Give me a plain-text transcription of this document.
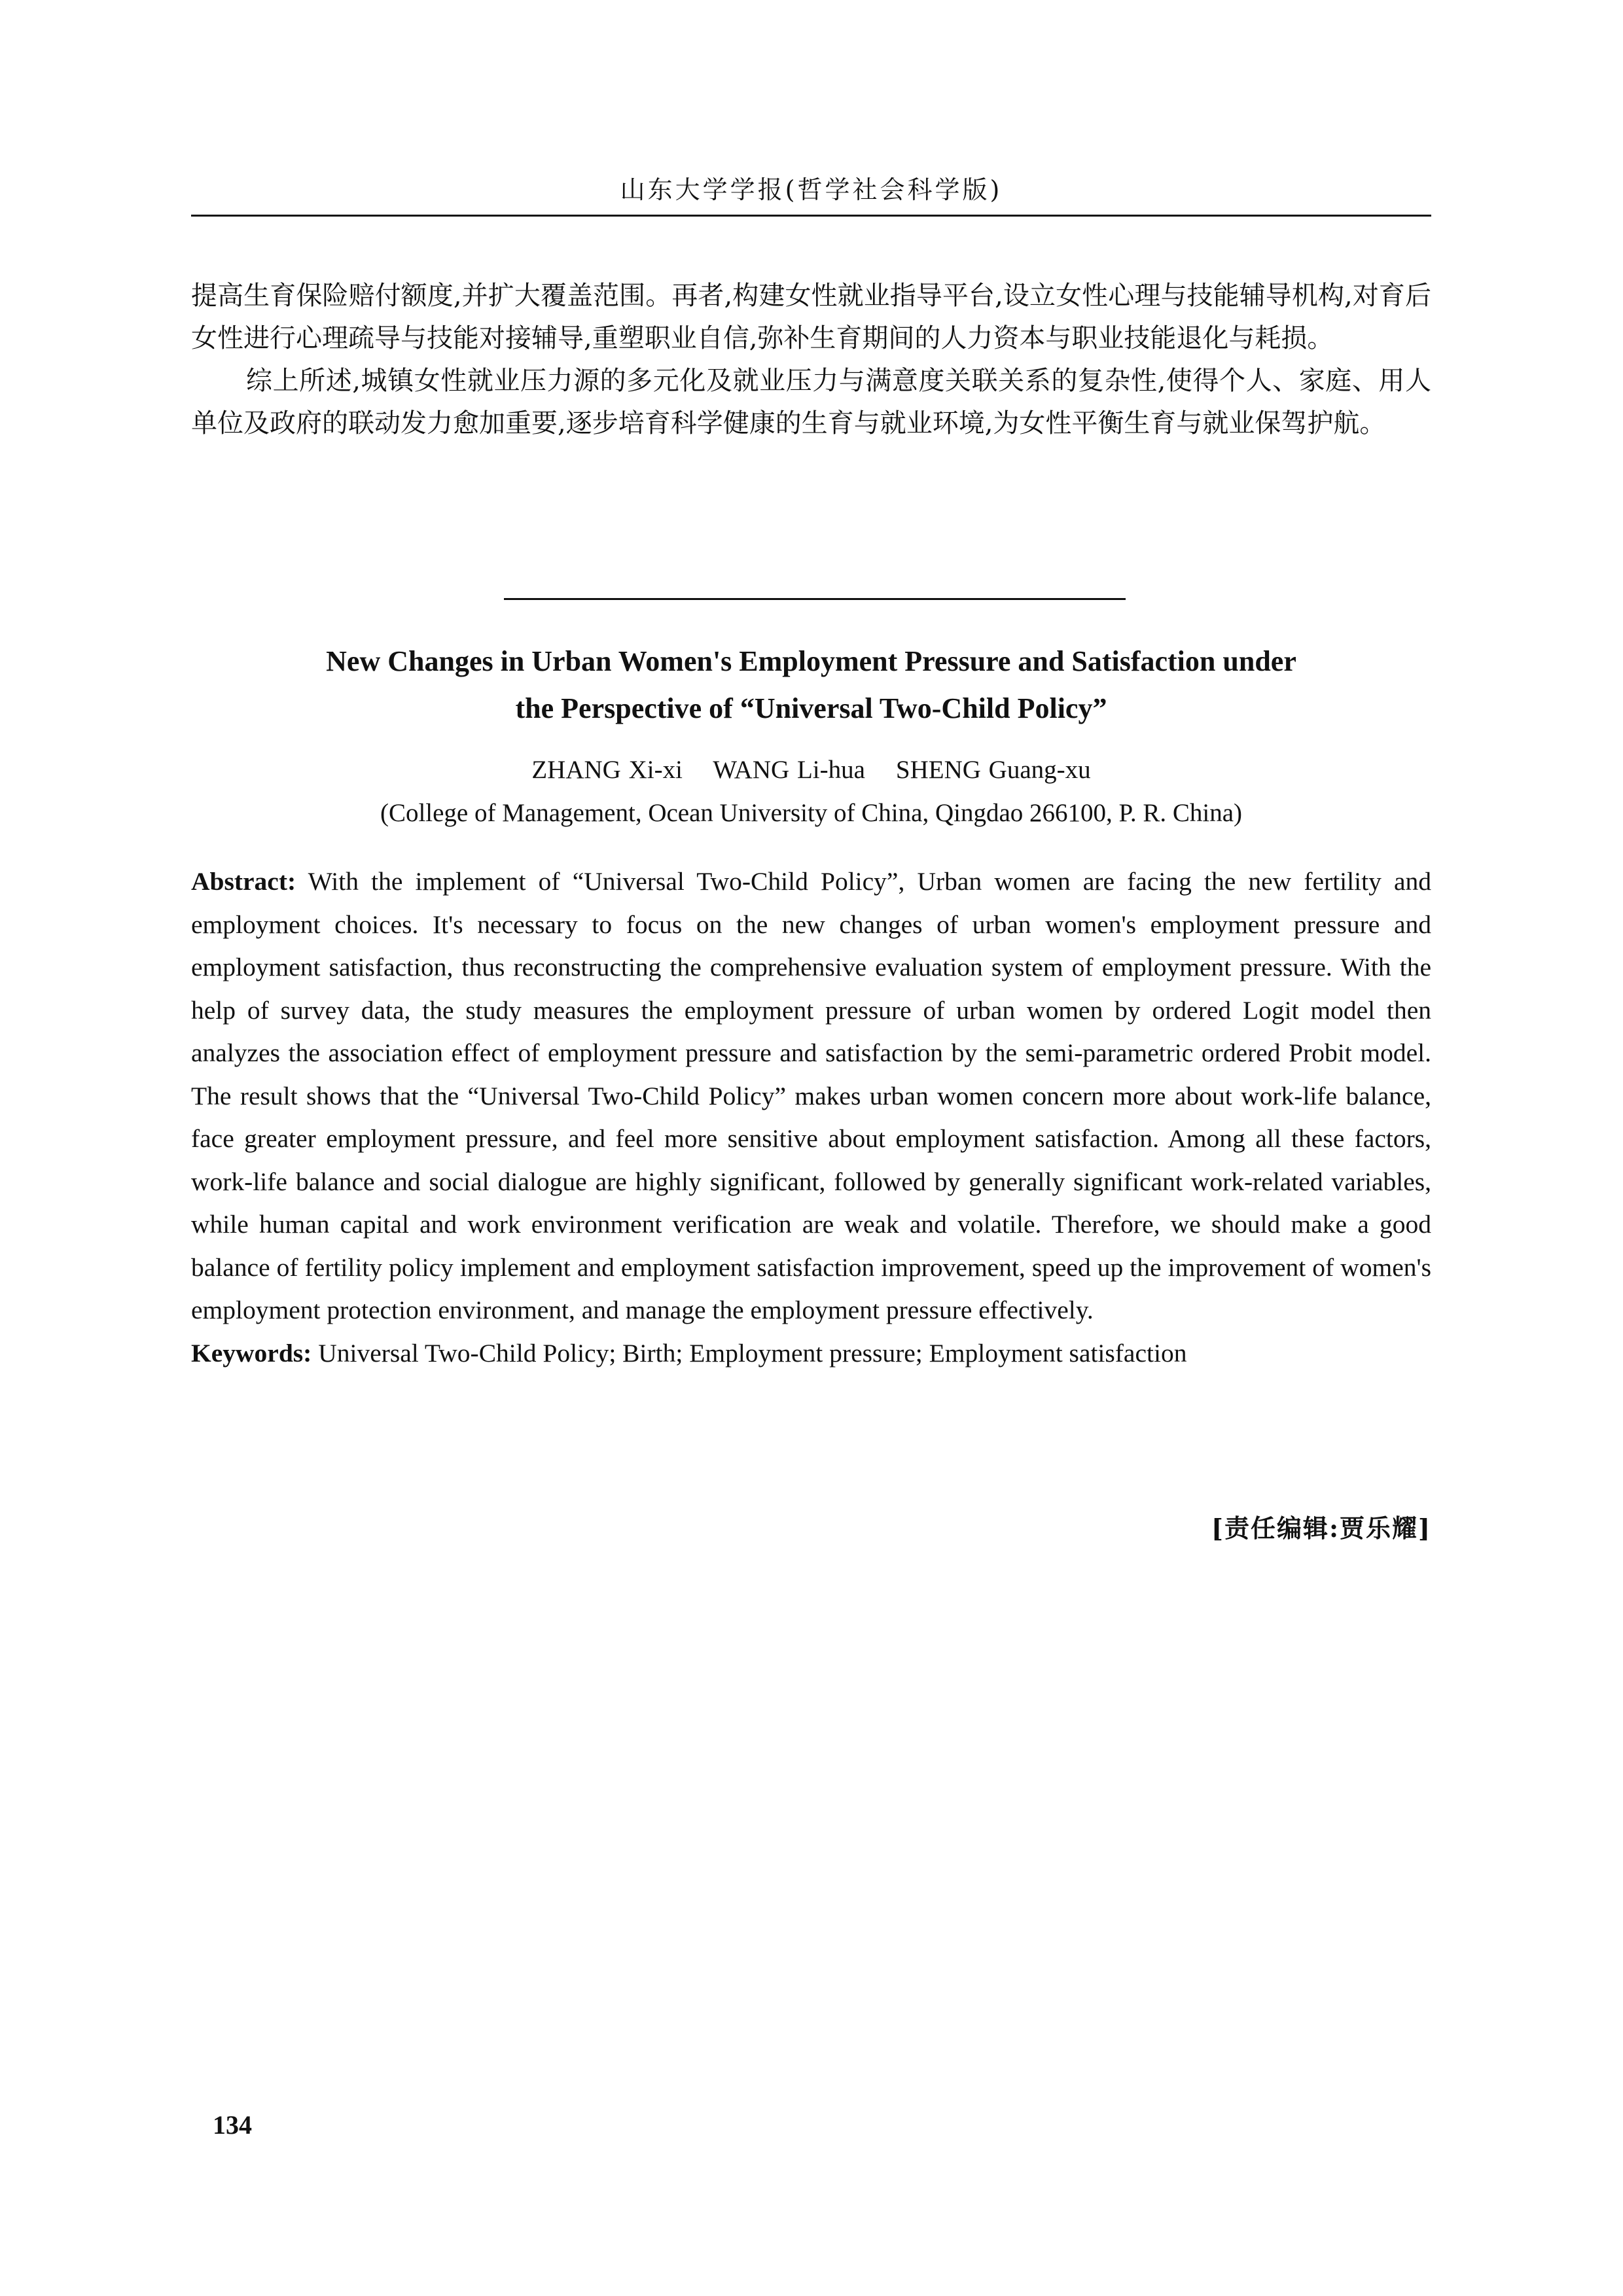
山东大学学报(哲学社会科学版)

提高生育保险赔付额度,并扩大覆盖范围。再者,构建女性就业指导平台,设立女性心理与技能辅导机构,对育后女性进行心理疏导与技能对接辅导,重塑职业自信,弥补生育期间的人力资本与职业技能退化与耗损。

综上所述,城镇女性就业压力源的多元化及就业压力与满意度关联关系的复杂性,使得个人、家庭、用人单位及政府的联动发力愈加重要,逐步培育科学健康的生育与就业环境,为女性平衡生育与就业保驾护航。

New Changes in Urban Women's Employment Pressure and Satisfaction under
the Perspective of “Universal Two-Child Policy”
ZHANG Xi-xi    WANG Li-hua    SHENG Guang-xu
(College of Management, Ocean University of China, Qingdao 266100, P. R. China)

Abstract: With the implement of “Universal Two-Child Policy”, Urban women are facing the new fertility and employment choices. It's necessary to focus on the new changes of urban women's employment pressure and employment satisfaction, thus reconstructing the comprehensive evaluation system of employment pressure. With the help of survey data, the study measures the employment pressure of urban women by ordered Logit model then analyzes the association effect of employment pressure and satisfaction by the semi-parametric ordered Probit model. The result shows that the “Universal Two-Child Policy” makes urban women concern more about work-life balance, face greater employment pressure, and feel more sensitive about employment satisfaction. Among all these factors, work-life balance and social dialogue are highly significant, followed by generally significant work-related variables, while human capital and work environment verification are weak and volatile. Therefore, we should make a good balance of fertility policy implement and employment satisfaction improvement, speed up the improvement of women's employment protection environment, and manage the employment pressure effectively.

Keywords: Universal Two-Child Policy; Birth; Employment pressure; Employment satisfaction

[责任编辑:贾乐耀]
134
